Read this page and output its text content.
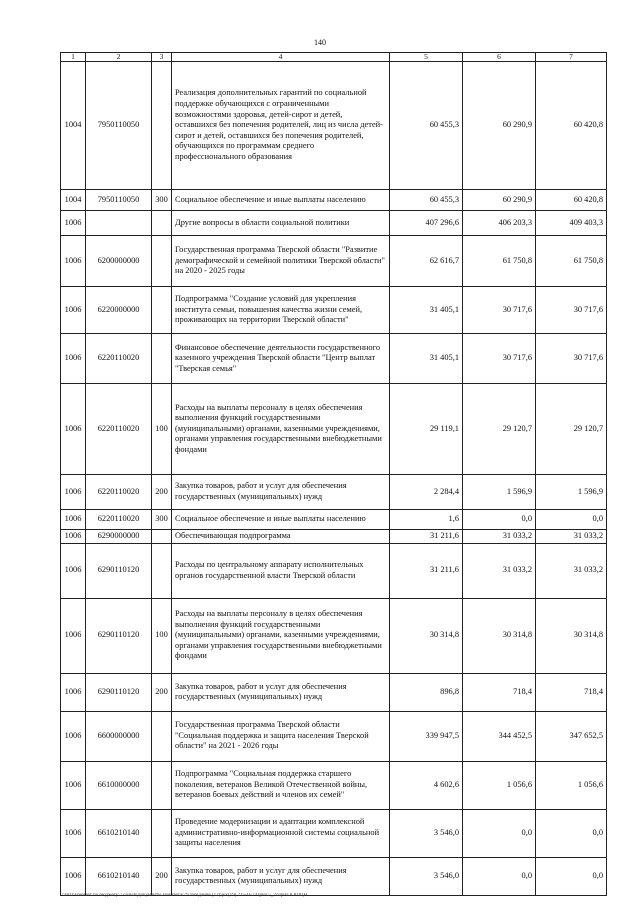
140
1	2	3	4	5	6	7
1004	7950110050		Реализация дополнительных гарантий по социальной поддержке обучающихся с ограниченными возможностями здоровья, детей-сирот и детей, оставшихся без попечения родителей, лиц из числа детей-сирот и детей, оставшихся без попечения родителей, обучающихся по программам среднего профессионального образования	60 455,3	60 290,9	60 420,8
1004	7950110050	300	Социальное обеспечение и иные выплаты населению	60 455,3	60 290,9	60 420,8
1006			Другие вопросы в области социальной политики	407 296,6	406 203,3	409 403,3
1006	6200000000		Государственная программа Тверской области "Развитие демографической и семейной политики Тверской области" на 2020 - 2025 годы	62 616,7	61 750,8	61 750,8
1006	6220000000		Подпрограмма "Создание условий для укрепления института семьи, повышения качества жизни семей, проживающих на территории Тверской области"	31 405,1	30 717,6	30 717,6
1006	6220110020		Финансовое обеспечение деятельности государственного казенного учреждения Тверской области "Центр выплат "Тверская семья"	31 405,1	30 717,6	30 717,6
1006	6220110020	100	Расходы на выплаты персоналу в целях обеспечения выполнения функций государственными (муниципальными) органами, казенными учреждениями, органами управления государственными внебюджетными фондами	29 119,1	29 120,7	29 120,7
1006	6220110020	200	Закупка товаров, работ и услуг для обеспечения государственных (муниципальных) нужд	2 284,4	1 596,9	1 596,9
1006	6220110020	300	Социальное обеспечение и иные выплаты населению	1,6	0,0	0,0
1006	6290000000		Обеспечивающая подпрограмма	31 211,6	31 033,2	31 033,2
1006	6290110120		Расходы по центральному аппарату исполнительных органов государственной власти Тверской области	31 211,6	31 033,2	31 033,2
1006	6290110120	100	Расходы на выплаты персоналу в целях обеспечения выполнения функций государственными (муниципальными) органами, казенными учреждениями, органами управления государственными внебюджетными фондами	30 314,8	30 314,8	30 314,8
1006	6290110120	200	Закупка товаров, работ и услуг для обеспечения государственных (муниципальных) нужд	896,8	718,4	718,4
1006	6600000000		Государственная программа Тверской области "Социальная поддержка и защита населения Тверской области" на 2021 - 2026 годы	339 947,5	344 452,5	347 652,5
1006	6610000000		Подпрограмма "Социальная поддержка старшего поколения, ветеранов Великой Отечественной войны, ветеранов боевых действий и членов их семей"	4 602,6	1 056,6	1 056,6
1006	6610210140		Проведение модернизации и адаптации комплексной административно-информационной системы социальной защиты населения	3 546,0	0,0	0,0
1006	6610210140	200	Закупка товаров, работ и услуг для обеспечения государственных (муниципальных) нужд	3 546,0	0,0	0,0
\\fs01\комитет по бюджету\7 созыв\Документы комитета\79 заседание (12)\р\к(19) 215-П-7\Прил 5_2\Прил 8 РПЦН
